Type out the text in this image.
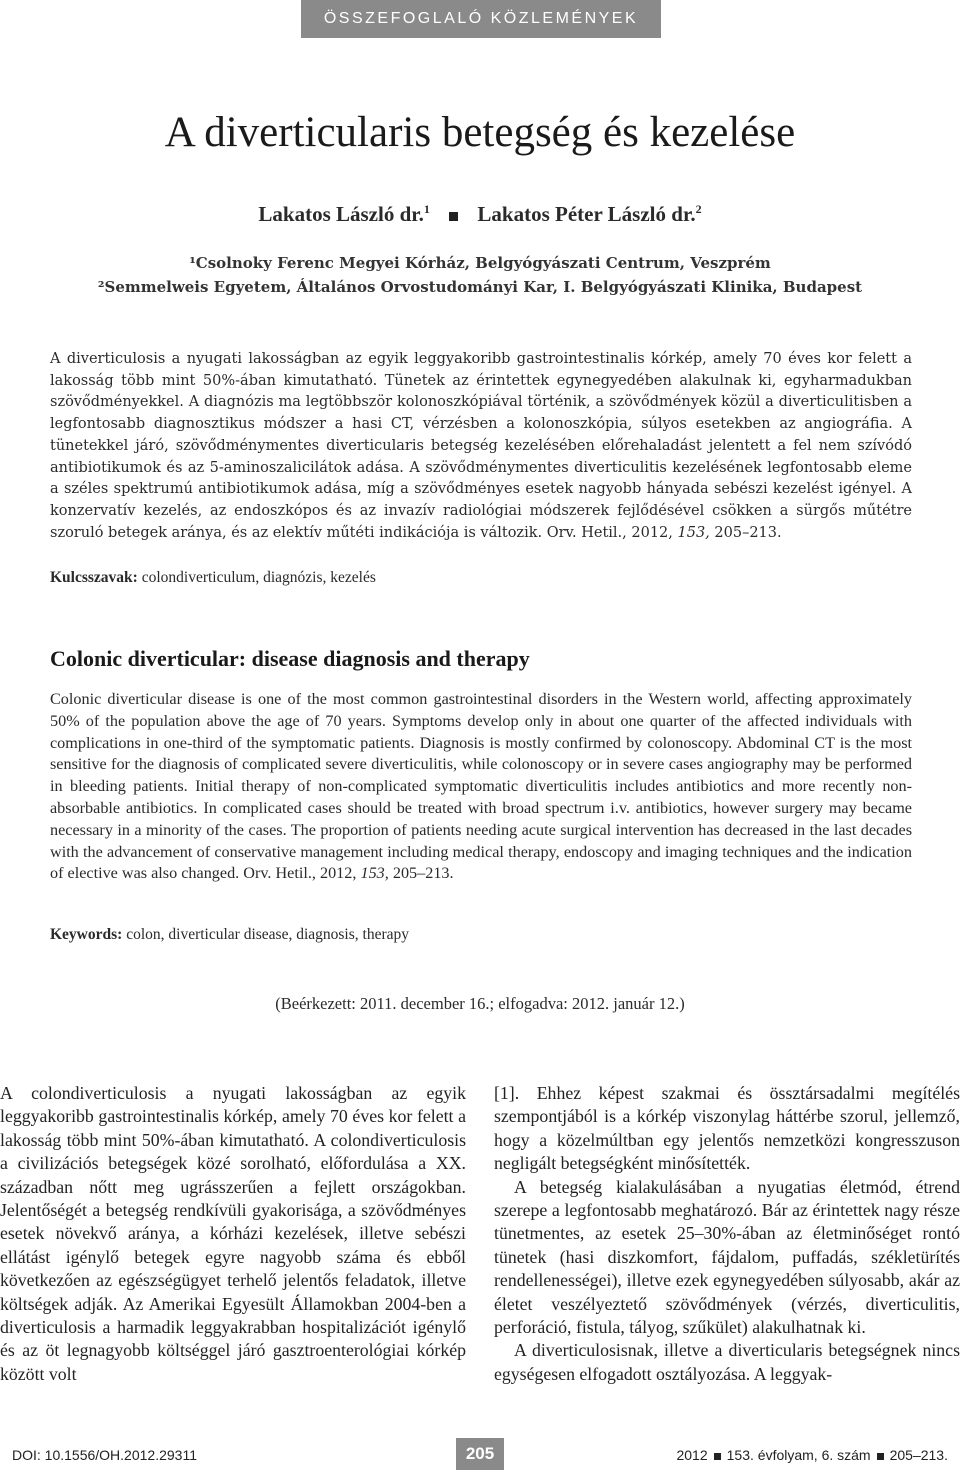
ÖSSZEFOGLALÓ KÖZLEMÉNYEK
A diverticularis betegség és kezelése
Lakatos László dr.$^1$ Lakatos Péter László dr.$^2$
¹Csolnoky Ferenc Megyei Kórház, Belgyógyászati Centrum, Veszprém
²Semmelweis Egyetem, Általános Orvostudományi Kar, I. Belgyógyászati Klinika, Budapest

A diverticulosis a nyugati lakosságban az egyik leggyakoribb gastrointestinalis kórkép, amely 70 éves kor felett a lakosság több mint 50%-ában kimutatható. Tünetek az érintettek egynegyedében alakulnak ki, egyharmadukban szövődményekkel. A diagnózis ma legtöbbször kolonoszkópiával történik, a szövődmények közül a diverticulitisben a legfontosabb diagnosztikus módszer a hasi CT, vérzésben a kolonoszkópia, súlyos esetekben az angiográfia. A tünetekkel járó, szövődménymentes diverticularis betegség kezelésében előrehaladást jelentett a fel nem szívódó antibiotikumok és az 5-aminoszalicilátok adása. A szövődménymentes diverticulitis kezelésének legfontosabb eleme a széles spektrumú antibiotikumok adása, míg a szövődményes esetek nagyobb hányada sebészi kezelést igényel. A konzervatív kezelés, az endoszkópos és az invazív radiológiai módszerek fejlődésével csökken a sürgős műtétre szoruló betegek aránya, és az elektív műtéti indikációja is változik. Orv. Hetil., 2012, 153, 205–213.

Kulcsszavak: colondiverticulum, diagnózis, kezelés
Colonic diverticular: disease diagnosis and therapy

Colonic diverticular disease is one of the most common gastrointestinal disorders in the Western world, affecting approximately 50% of the population above the age of 70 years. Symptoms develop only in about one quarter of the affected individuals with complications in one-third of the symptomatic patients. Diagnosis is mostly confirmed by colonoscopy. Abdominal CT is the most sensitive for the diagnosis of complicated severe diverticulitis, while colonoscopy or in severe cases angiography may be performed in bleeding patients. Initial therapy of non-complicated symptomatic diverticulitis includes antibiotics and more recently non-absorbable antibiotics. In complicated cases should be treated with broad spectrum i.v. antibiotics, however surgery may became necessary in a minority of the cases. The proportion of patients needing acute surgical intervention has decreased in the last decades with the advancement of conservative management including medical therapy, endoscopy and imaging techniques and the indication of elective was also changed. Orv. Hetil., 2012, 153, 205–213.

Keywords: colon, diverticular disease, diagnosis, therapy
(Beérkezett: 2011. december 16.; elfogadva: 2012. január 12.)

A colondiverticulosis a nyugati lakosságban az egyik leggyakoribb gastrointestinalis kórkép, amely 70 éves kor felett a lakosság több mint 50%-ában kimutatható. A colondiverticulosis a civilizációs betegségek közé sorolható, előfordulása a XX. században nőtt meg ugrásszerűen a fejlett országokban. Jelentőségét a betegség rendkívüli gyakorisága, a szövődményes esetek növekvő aránya, a kórházi kezelések, illetve sebészi ellátást igénylő betegek egyre nagyobb száma és ebből következően az egészségügyet terhelő jelentős feladatok, illetve költségek adják. Az Amerikai Egyesült Államokban 2004-ben a diverticulosis a harmadik leggyakrabban hospitalizációt igénylő és az öt legnagyobb költséggel járó gasztroenterológiai kórkép között volt

[1]. Ehhez képest szakmai és össztársadalmi megítélés szempontjából is a kórkép viszonylag háttérbe szorul, jellemző, hogy a közelmúltban egy jelentős nemzetközi kongresszuson negligált betegségként minősítették.

A betegség kialakulásában a nyugatias életmód, étrend szerepe a legfontosabb meghatározó. Bár az érintettek nagy része tünetmentes, az esetek 25–30%-ában az életminőséget rontó tünetek (hasi diszkomfort, fájdalom, puffadás, székletürítés rendellenességei), illetve ezek egynegyedében súlyosabb, akár az életet veszélyeztető szövődmények (vérzés, diverticulitis, perforáció, fistula, tályog, szűkület) alakulhatnak ki.

A diverticulosisnak, illetve a diverticularis betegségnek nincs egységesen elfogadott osztályozása. A leggyak-

DOI: 10.1556/OH.2012.29311	205	2012 153. évfolyam, 6. szám 205–213.
